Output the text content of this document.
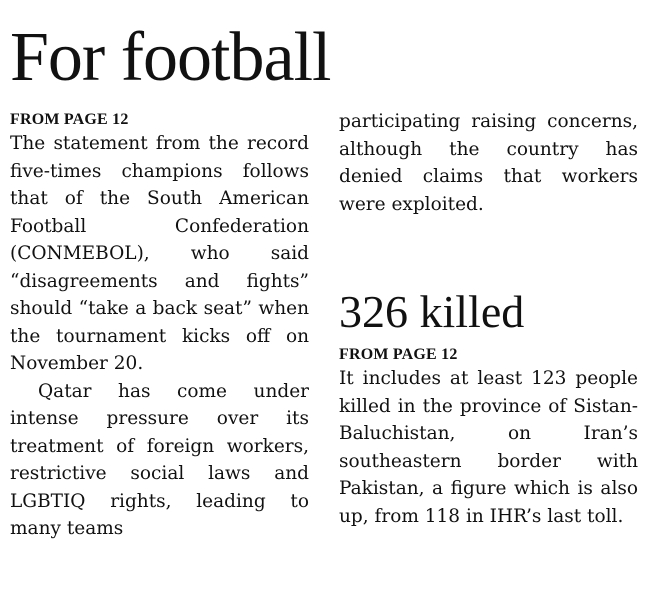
For football
FROM PAGE 12

The statement from the record five-times champions follows that of the South American Football Confederation (CONMEBOL), who said “disagreements and fights” should “take a back seat” when the tournament kicks off on November 20.

Qatar has come under intense pressure over its treatment of foreign workers, restrictive social laws and LGBTIQ rights, leading to many teams

participating raising concerns, although the country has denied claims that workers were exploited.

326 killed
FROM PAGE 12

It includes at least 123 people killed in the province of Sistan-Baluchistan, on Iran’s southeastern border with Pakistan, a figure which is also up, from 118 in IHR’s last toll.
